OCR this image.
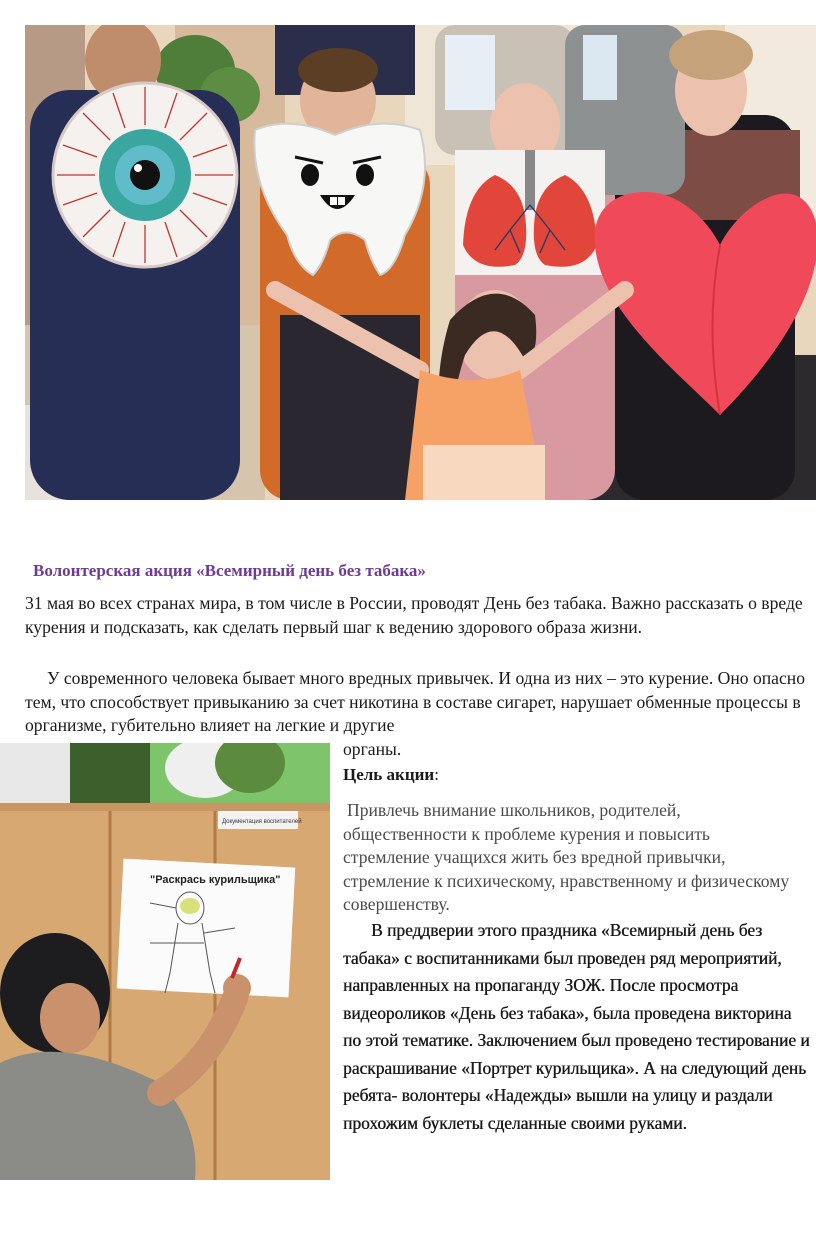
Волонтерская акция «Всемирный день без табака»

31 мая во всех странах мира, в том числе в России, проводят День без табака. Важно рассказать о вреде курения и подсказать, как сделать первый шаг к ведению здорового образа жизни.

У современного человека бывает много вредных привычек. И одна из них – это курение. Оно опасно тем, что способствует привыканию за счет никотина в составе сигарет, нарушает обменные процессы в организме, губительно влияет на легкие и другие

органы.

Документация воспитателей
"Раскрась курильщика"
Цель акции:

Привлечь внимание школьников, родителей, общественности к проблеме курения и повысить стремление учащихся жить без вредной привычки, стремление к психическому, нравственному и физическому совершенству.

В преддверии этого праздника «Всемирный день без табака» с воспитанниками был проведен ряд мероприятий, направленных на пропаганду ЗОЖ. После просмотра видеороликов «День без табака», была проведена викторина по этой тематике. Заключением был проведено тестирование и раскрашивание «Портрет курильщика». А на следующий день ребята- волонтеры «Надежды» вышли на улицу и раздали прохожим буклеты сделанные своими руками.
